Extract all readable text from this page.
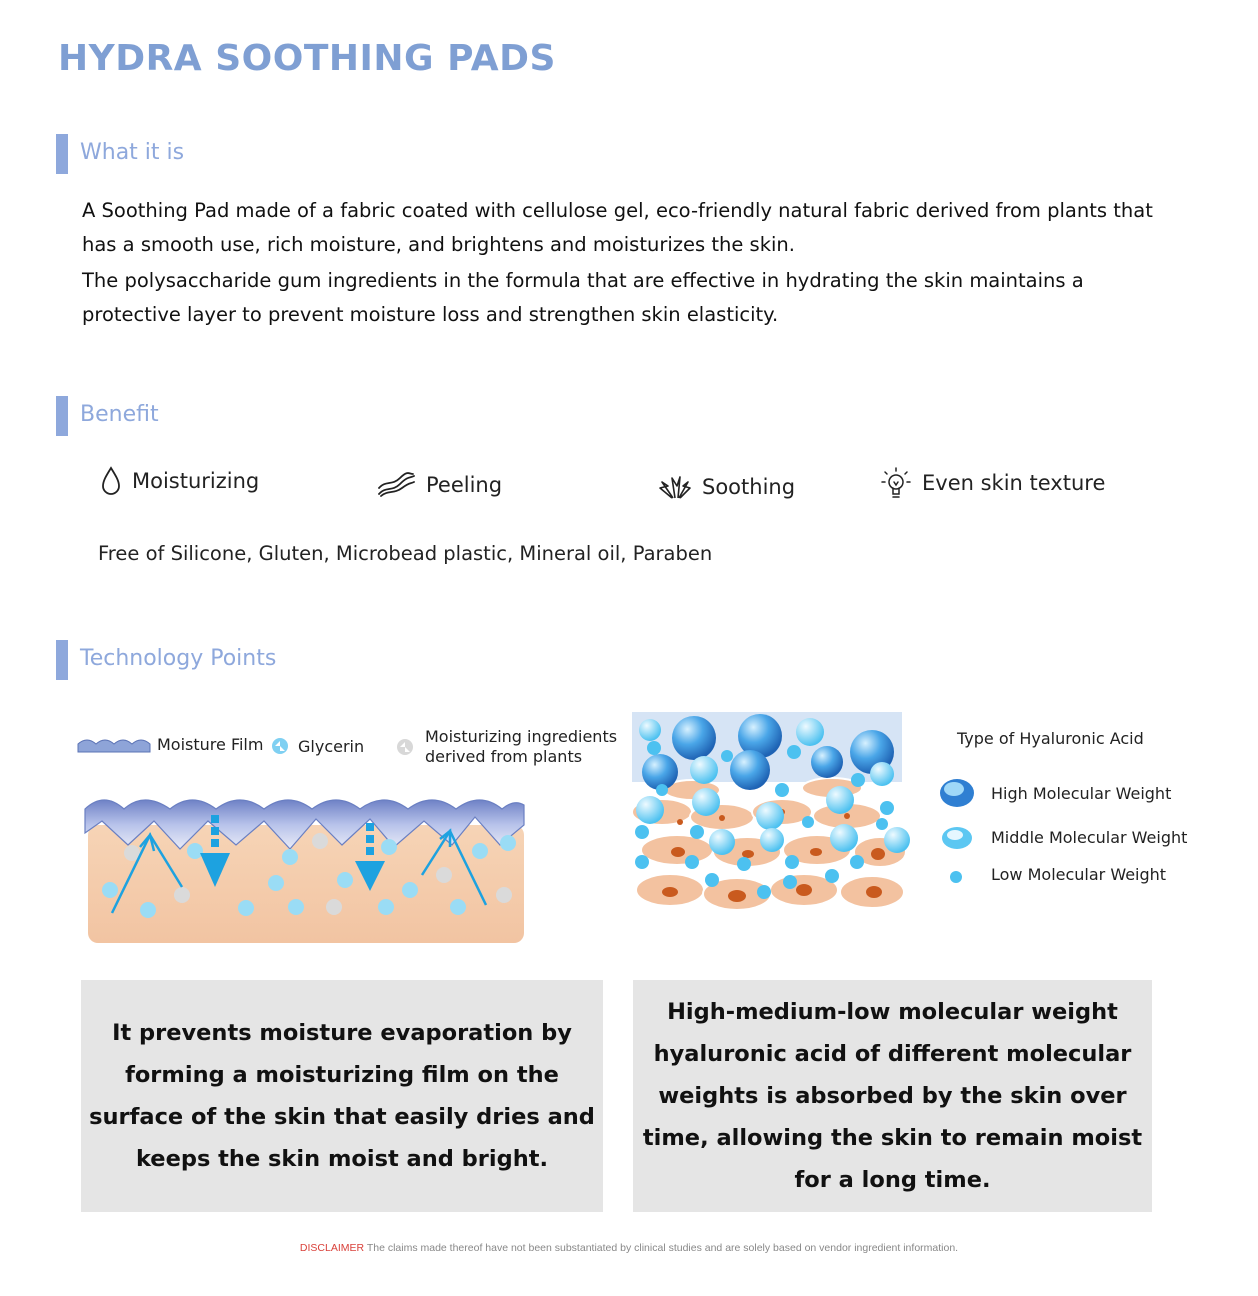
HYDRA SOOTHING PADS
What it is
A Soothing Pad made of a fabric coated with cellulose gel, eco-friendly natural fabric derived from plants that has a smooth use, rich moisture, and brightens and moisturizes the skin.
The polysaccharide gum ingredients in the formula that are effective in hydrating the skin maintains a protective layer to prevent moisture loss and strengthen skin elasticity.
Benefit
Moisturizing	Peeling	Soothing	Even skin texture
Free of Silicone, Gluten, Microbead plastic, Mineral oil, Paraben
Technology Points
Moisture Film Glycerin
Moisturizing ingredients
derived from plants
Type of Hyaluronic Acid
High Molecular Weight
Middle Molecular Weight
Low Molecular Weight
It prevents moisture evaporation by
forming a moisturizing film on the
surface of the skin that easily dries and
keeps the skin moist and bright.
High-medium-low molecular weight
hyaluronic acid of different molecular
weights is absorbed by the skin over
time, allowing the skin to remain moist
for a long time.
DISCLAIMER The claims made thereof have not been substantiated by clinical studies and are solely based on vendor ingredient information.
